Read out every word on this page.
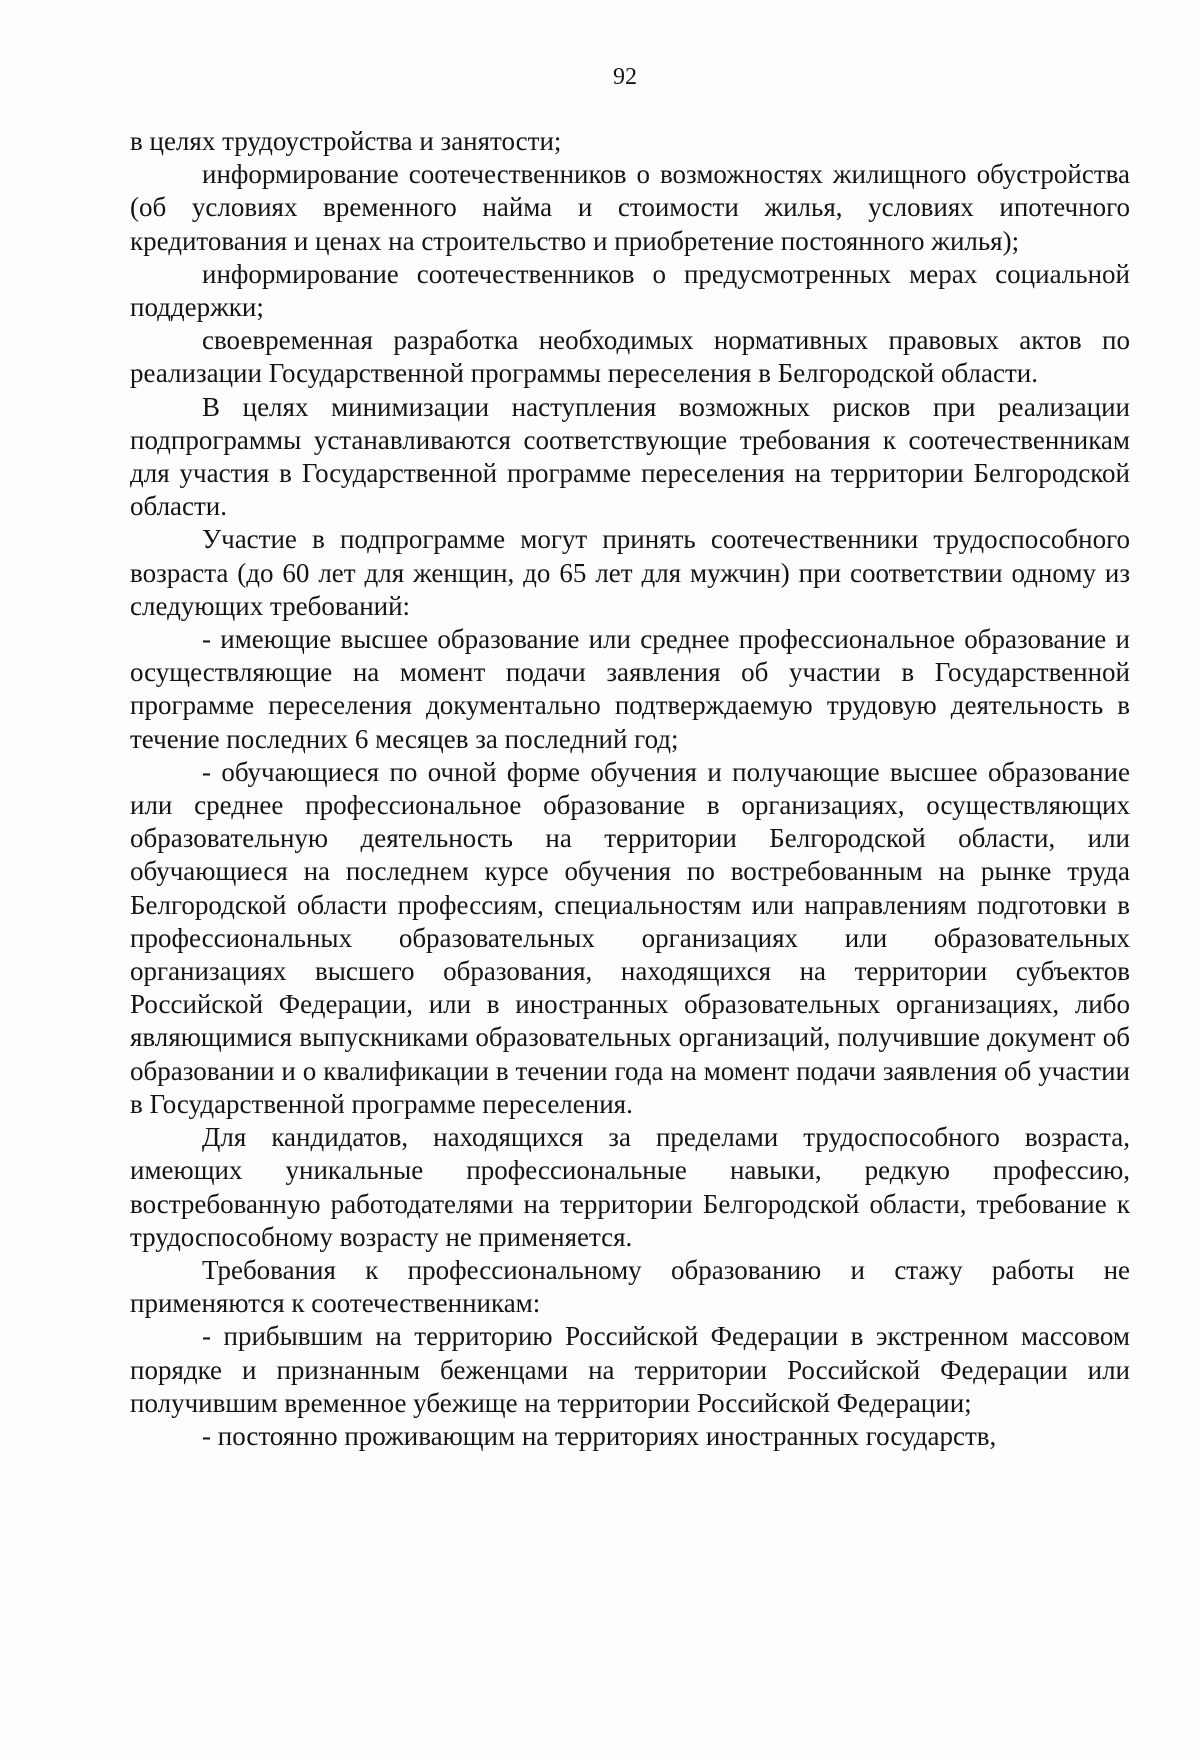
92

в целях трудоустройства и занятости;

информирование соотечественников о возможностях жилищного обустройства (об условиях временного найма и стоимости жилья, условиях ипотечного кредитования и ценах на строительство и приобретение постоянного жилья);

информирование соотечественников о предусмотренных мерах социальной поддержки;

своевременная разработка необходимых нормативных правовых актов по реализации Государственной программы переселения в Белгородской области.

В целях минимизации наступления возможных рисков при реализации подпрограммы устанавливаются соответствующие требования к соотечественникам для участия в Государственной программе переселения на территории Белгородской области.

Участие в подпрограмме могут принять соотечественники трудоспособного возраста (до 60 лет для женщин, до 65 лет для мужчин) при соответствии одному из следующих требований:

- имеющие высшее образование или среднее профессиональное образование и осуществляющие на момент подачи заявления об участии в Государственной программе переселения документально подтверждаемую трудовую деятельность в течение последних 6 месяцев за последний год;

- обучающиеся по очной форме обучения и получающие высшее образование или среднее профессиональное образование в организациях, осуществляющих образовательную деятельность на территории Белгородской области, или обучающиеся на последнем курсе обучения по востребованным на рынке труда Белгородской области профессиям, специальностям или направлениям подготовки в профессиональных образовательных организациях или образовательных организациях высшего образования, находящихся на территории субъектов Российской Федерации, или в иностранных образовательных организациях, либо являющимися выпускниками образовательных организаций, получившие документ об образовании и о квалификации в течении года на момент подачи заявления об участии в Государственной программе переселения.

Для кандидатов, находящихся за пределами трудоспособного возраста, имеющих уникальные профессиональные навыки, редкую профессию, востребованную работодателями на территории Белгородской области, требование к трудоспособному возрасту не применяется.

Требования к профессиональному образованию и стажу работы не применяются к соотечественникам:

- прибывшим на территорию Российской Федерации в экстренном массовом порядке и признанным беженцами на территории Российской Федерации или получившим временное убежище на территории Российской Федерации;

- постоянно проживающим на территориях иностранных государств,
